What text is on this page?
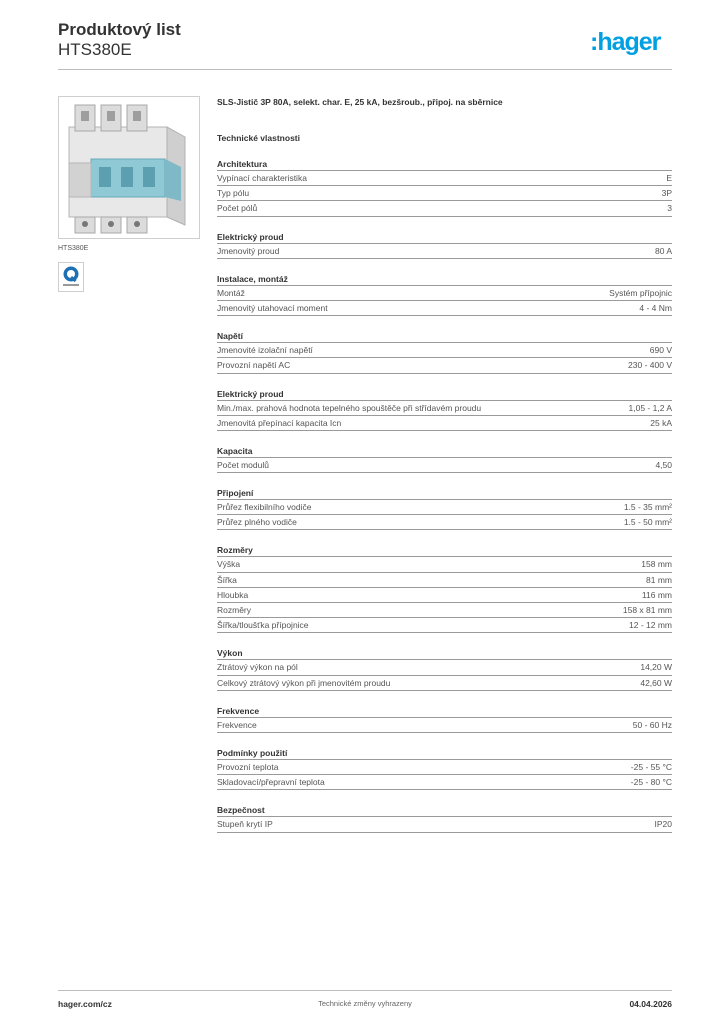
Produktový list
HTS380E	:hager
HTS380E
SLS-Jistič 3P 80A, selekt. char. E, 25 kA, bezšroub., připoj. na sběrnice
Technické vlastnosti
Architektura
Vypínací charakteristika	E
Typ pólu	3P
Počet pólů	3
Elektrický proud
Jmenovitý proud	80 A
Instalace, montáž
Montáž	Systém přípojnic
Jmenovitý utahovací moment	4 - 4 Nm
Napětí
Jmenovité izolační napětí	690 V
Provozní napětí AC	230 - 400 V
Elektrický proud
Min./max. prahová hodnota tepelného spouštěče při střídavém proudu	1,05 - 1,2 A
Jmenovitá přepínací kapacita Icn	25 kA
Kapacita
Počet modulů	4,50
Připojení
Průřez flexibilního vodiče	1.5 - 35 mm²
Průřez plného vodiče	1.5 - 50 mm²
Rozměry
Výška	158 mm
Šířka	81 mm
Hloubka	116 mm
Rozměry	158 x 81 mm
Šířka/tloušťka přípojnice	12 - 12 mm
Výkon
Ztrátový výkon na pól	14,20 W
Celkový ztrátový výkon při jmenovitém proudu	42,60 W
Frekvence
Frekvence	50 - 60 Hz
Podmínky použití
Provozní teplota	-25 - 55 °C
Skladovací/přepravní teplota	-25 - 80 °C
Bezpečnost
Stupeň krytí IP	IP20
hager.com/cz	Technické změny vyhrazeny	04.04.2026
